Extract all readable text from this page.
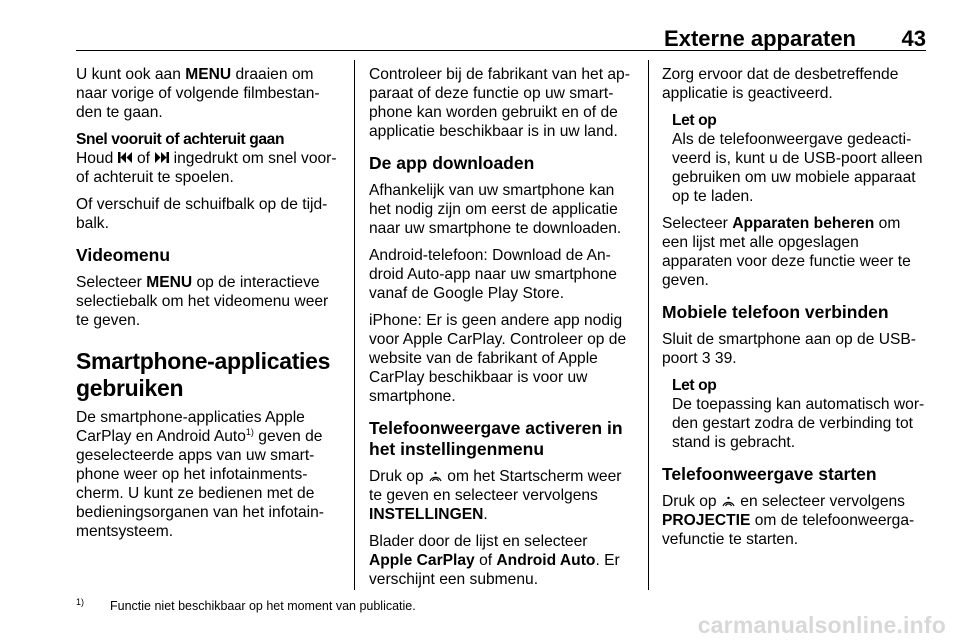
Externe apparaten 43

U kunt ook aan MENU draaien om naar vorige of volgende filmbestanden te gaan.

Snel vooruit of achteruit gaan

Houd
of
ingedrukt om snel voor- of achteruit te spoelen.

Of verschuif de schuifbalk op de tijdbalk.

Videomenu

Selecteer MENU op de interactieve selectiebalk om het videomenu weer te geven.

Smartphone-applicaties gebruiken

De smartphone-applicaties Apple CarPlay en Android Auto$^{1)}$ geven de geselecteerde apps van uw smartphone weer op het infotainmentscherm. U kunt ze bedienen met de bedieningsorganen van het infotainmentsysteem.

Controleer bij de fabrikant van het apparaat of deze functie op uw smartphone kan worden gebruikt en of de applicatie beschikbaar is in uw land.

De app downloaden

Afhankelijk van uw smartphone kan het nodig zijn om eerst de applicatie naar uw smartphone te downloaden.

Android-telefoon: Download de Android Auto-app naar uw smartphone vanaf de Google Play Store.

iPhone: Er is geen andere app nodig voor Apple CarPlay. Controleer op de website van de fabrikant of Apple CarPlay beschikbaar is voor uw smartphone.

Telefoonweergave activeren in het instellingenmenu

Druk op
om het Startscherm weer te geven en selecteer vervolgens INSTELLINGEN.

Blader door de lijst en selecteer Apple CarPlay of Android Auto. Er verschijnt een submenu.

Zorg ervoor dat de desbetreffende applicatie is geactiveerd.

Let op
Als de telefoonweergave gedeactiveerd is, kunt u de USB-poort alleen gebruiken om uw mobiele apparaat op te laden.

Selecteer Apparaten beheren om een lijst met alle opgeslagen apparaten voor deze functie weer te geven.

Mobiele telefoon verbinden

Sluit de smartphone aan op de USB-poort 3 39.

Let op
De toepassing kan automatisch worden gestart zodra de verbinding tot stand is gebracht.
Telefoonweergave starten

Druk op
en selecteer vervolgens PROJECTIE om de telefoonweergavefunctie te starten.

1) Functie niet beschikbaar op het moment van publicatie.
carmanualsonline.info
